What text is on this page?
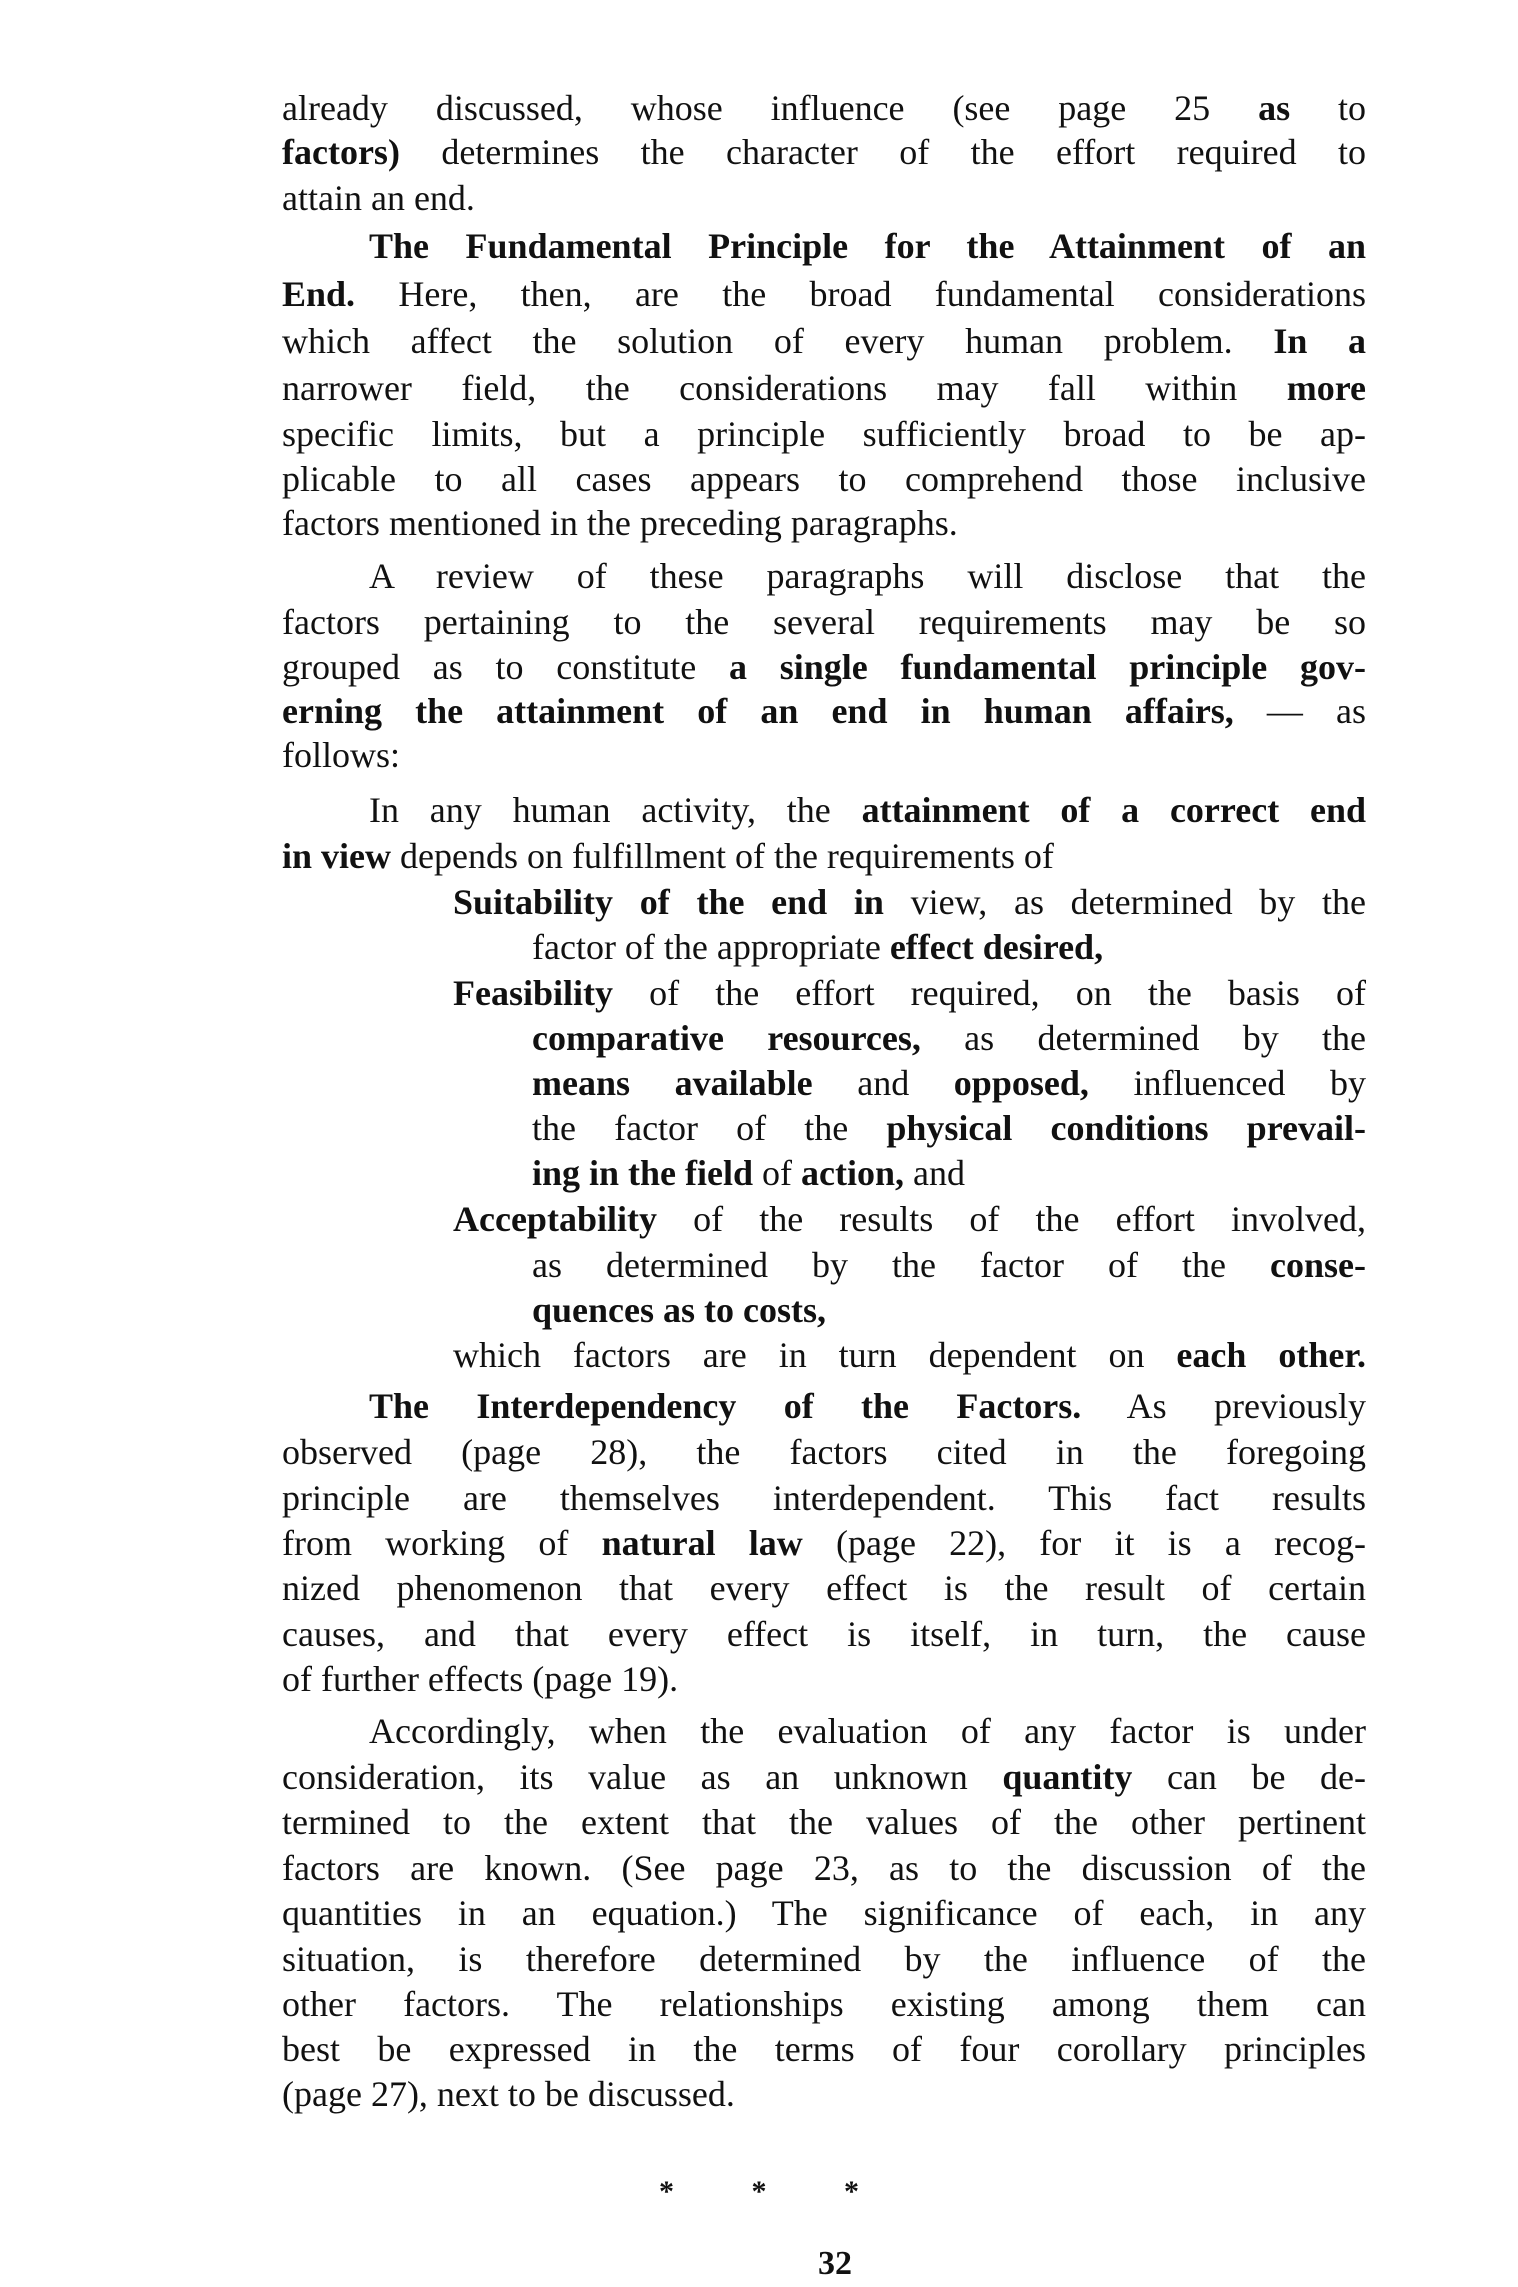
already discussed, whose influence (see page 25 as to
factors) determines the character of the effort required to
attain an end.
The Fundamental Principle for the Attainment of an
End. Here, then, are the broad fundamental considerations
which affect the solution of every human problem. In a
narrower field, the considerations may fall within more
specific limits, but a principle sufficiently broad to be ap-
plicable to all cases appears to comprehend those inclusive
factors mentioned in the preceding paragraphs.
A review of these paragraphs will disclose that the
factors pertaining to the several requirements may be so
grouped as to constitute a single fundamental principle gov-
erning the attainment of an end in human affairs, — as
follows:
In any human activity, the attainment of a correct end
in view depends on fulfillment of the requirements of
Suitability of the end in view, as determined by the
factor of the appropriate effect desired,
Feasibility of the effort required, on the basis of
comparative resources, as determined by the
means available and opposed, influenced by
the factor of the physical conditions prevail-
ing in the field of action, and
Acceptability of the results of the effort involved,
as determined by the factor of the conse-
quences as to costs,
which factors are in turn dependent on each other.
The Interdependency of the Factors. As previously
observed (page 28), the factors cited in the foregoing
principle are themselves interdependent. This fact results
from working of natural law (page 22), for it is a recog-
nized phenomenon that every effect is the result of certain
causes, and that every effect is itself, in turn, the cause
of further effects (page 19).
Accordingly, when the evaluation of any factor is under
consideration, its value as an unknown quantity can be de-
termined to the extent that the values of the other pertinent
factors are known. (See page 23, as to the discussion of the
quantities in an equation.) The significance of each, in any
situation, is therefore determined by the influence of the
other factors. The relationships existing among them can
best be expressed in the terms of four corollary principles
(page 27), next to be discussed.
* * *
32
